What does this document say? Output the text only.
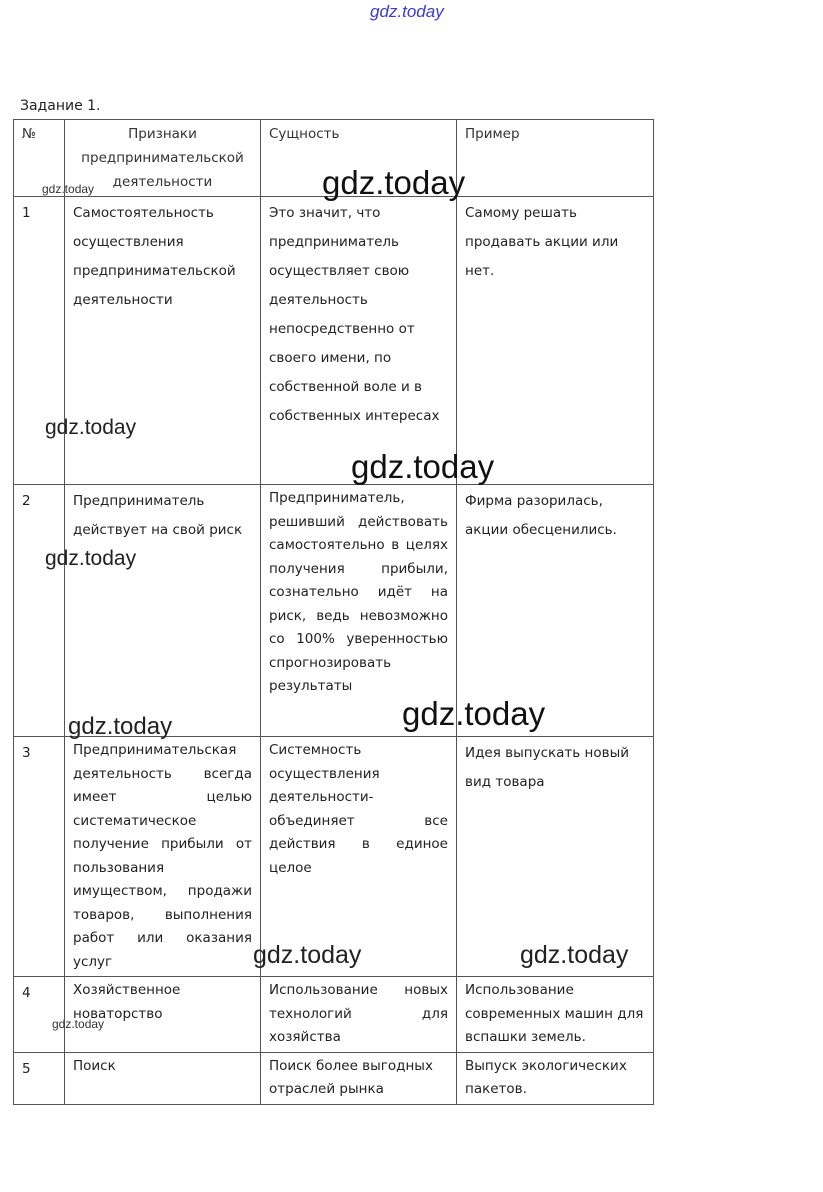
gdz.today
Задание 1.
№	Признаки предпринимательской деятельности	Сущность	Пример
1	Самостоятельность осуществления предпринимательской деятельности	Это значит, что предприниматель осуществляет свою деятельность непосредственно от своего имени, по собственной воле и в собственных интересах	Самому решать продавать акции или нет.
2	Предприниматель действует на свой риск	Предприниматель, решивший действовать самостоятельно в целях получения прибыли, сознательно идёт на риск, ведь невозможно со 100% уверенностью спрогнозировать результаты	Фирма разорилась, акции обесценились.
3	Предпринимательская деятельность всегда имеет целью систематическое получение прибыли от пользования имуществом, продажи товаров, выполнения работ или оказания услуг	Системность осуществления деятельности-объединяет все действия в единое целое	Идея выпускать новый вид товара
4	Хозяйственное новаторство	Использование новых технологий для хозяйства	Использование современных машин для вспашки земель.
5	Поиск	Поиск более выгодных отраслей рынка	Выпуск экологических пакетов.
gdz.today
gdz.today
gdz.today
gdz.today
gdz.today
gdz.today
gdz.today
gdz.today	gdz.today
gdz.today
